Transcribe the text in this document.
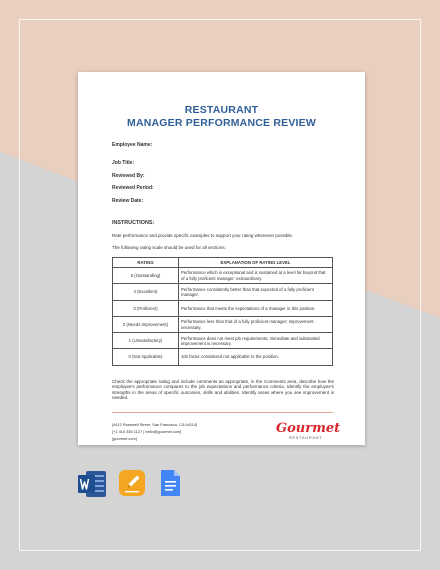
RESTAURANT
MANAGER PERFORMANCE REVIEW
Employee Name:
Job Title:
Reviewed By:
Reviewed Period:
Review Date:
INSTRUCTIONS:
Rate performance and provide specific examples to support your rating whenever possible.
The following rating scale should be used for all sections:
RATING	EXPLANATION OF RATING LEVEL
5 (Outstanding)	Performance which is exceptional and is sustained at a level far beyond that of a fully proficient manager; extraordinary.
4 (Excellent)	Performance consistently better than that expected of a fully proficient manager.
3 (Proficient)	Performance that meets the expectations of a manager in this position.
2 (Needs Improvement)	Performance less than that of a fully proficient manager; improvement necessary.
1 (Unsatisfactory)	Performance does not meet job requirements; immediate and substantial improvement is necessary.
0 (Not Applicable)	Job factor considered not applicable to the position.
Check the appropriate rating and include comments as appropriate, in the Comments area, describe how the employee's performance compares to the job expectations and performance criteria. Identify the employee's strengths in the areas of specific outcomes, skills and abilities. Identify areas where you see improvement is needed.
[4412 Rosewell Street, San Francisco, CA 94114]
[+1 415 355 1127 | hello@gourmet.com]
[gourmet.com]
Gourmet
RESTAURANT
